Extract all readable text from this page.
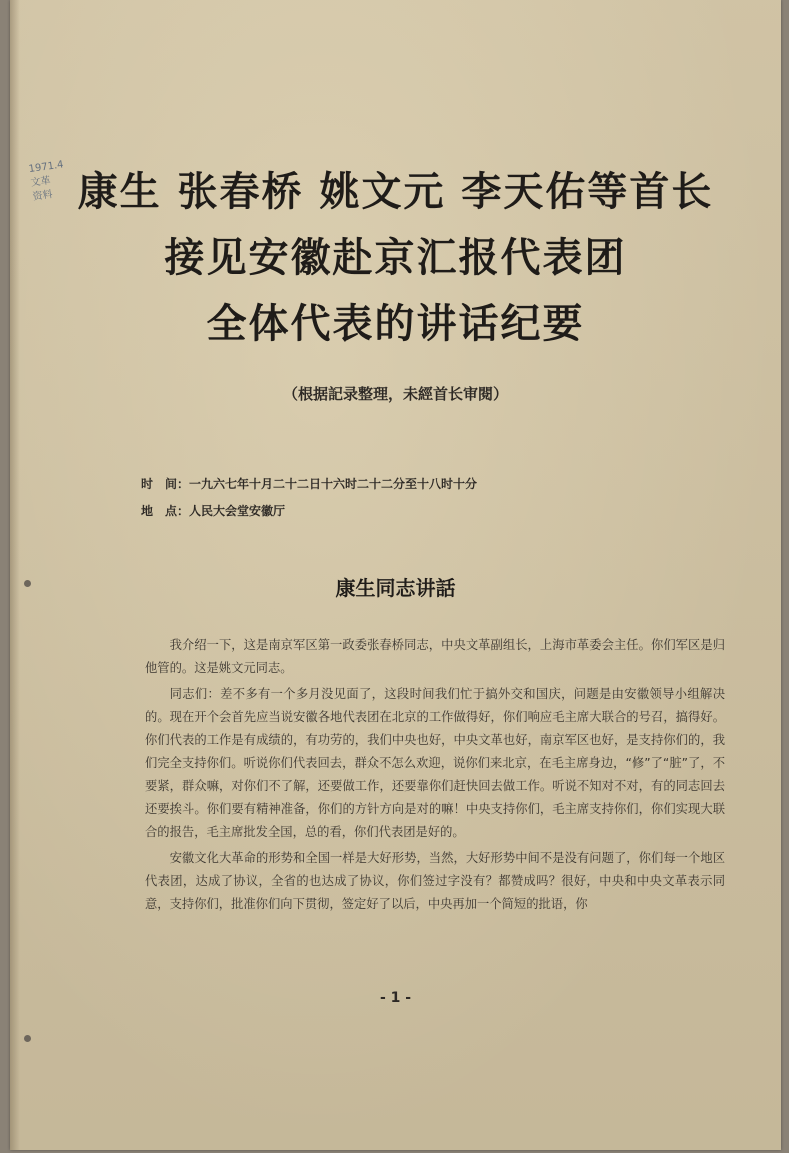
1971.4
文革
资料 康生 张春桥 姚文元 李天佑等首长
接见安徽赴京汇报代表团
全体代表的讲话纪要
（根据記录整理，未經首长审閱）
时　间：一九六七年十月二十二日十六时二十二分至十八时十分
地　点：人民大会堂安徽厅
康生同志讲話

我介绍一下，这是南京军区第一政委张春桥同志，中央文革副组长，上海市革委会主任。你们军区是归他管的。这是姚文元同志。

同志们：差不多有一个多月没见面了，这段时间我们忙于搞外交和国庆，问题是由安徽领导小组解决的。现在开个会首先应当说安徽各地代表团在北京的工作做得好，你们响应毛主席大联合的号召，搞得好。你们代表的工作是有成绩的，有功劳的，我们中央也好，中央文革也好，南京军区也好，是支持你们的，我们完全支持你们。听说你们代表回去，群众不怎么欢迎，说你们来北京，在毛主席身边，“修”了“脏”了，不要紧，群众嘛，对你们不了解，还要做工作，还要靠你们赶快回去做工作。听说不知对不对，有的同志回去还要挨斗。你们要有精神准备，你们的方针方向是对的嘛！中央支持你们，毛主席支持你们，你们实现大联合的报告，毛主席批发全国，总的看，你们代表团是好的。

安徽文化大革命的形势和全国一样是大好形势，当然，大好形势中间不是没有问题了，你们每一个地区代表团，达成了协议，全省的也达成了协议，你们签过字没有？都赞成吗？很好，中央和中央文革表示同意，支持你们，批准你们向下贯彻，签定好了以后，中央再加一个简短的批语，你

- 1 -
